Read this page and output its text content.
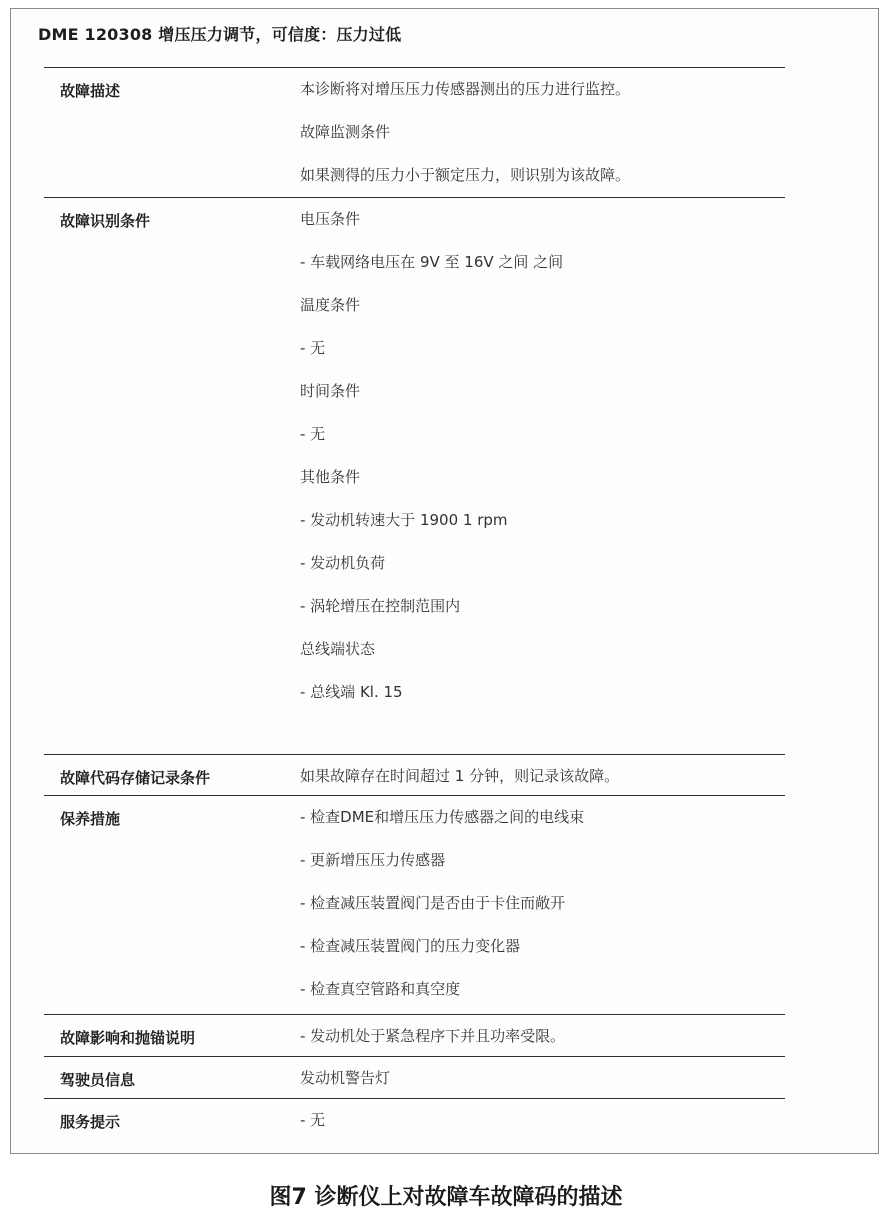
DME 120308 增压压力调节，可信度：压力过低
故障描述	本诊断将对增压压力传感器测出的压力进行监控。
故障监测条件
如果测得的压力小于额定压力，则识别为该故障。
故障识别条件	电压条件
- 车载网络电压在 9V 至 16V 之间 之间
温度条件
- 无
时间条件
- 无
其他条件
- 发动机转速大于 1900 1 rpm
- 发动机负荷
- 涡轮增压在控制范围内
总线端状态
- 总线端 Kl. 15
故障代码存储记录条件	如果故障存在时间超过 1 分钟，则记录该故障。
保养措施	- 检查DME和增压压力传感器之间的电线束
- 更新增压压力传感器
- 检查减压装置阀门是否由于卡住而敞开
- 检查减压装置阀门的压力变化器
- 检查真空管路和真空度
故障影响和抛锚说明	- 发动机处于紧急程序下并且功率受限。
驾驶员信息	发动机警告灯
服务提示	- 无
图7 诊断仪上对故障车故障码的描述
